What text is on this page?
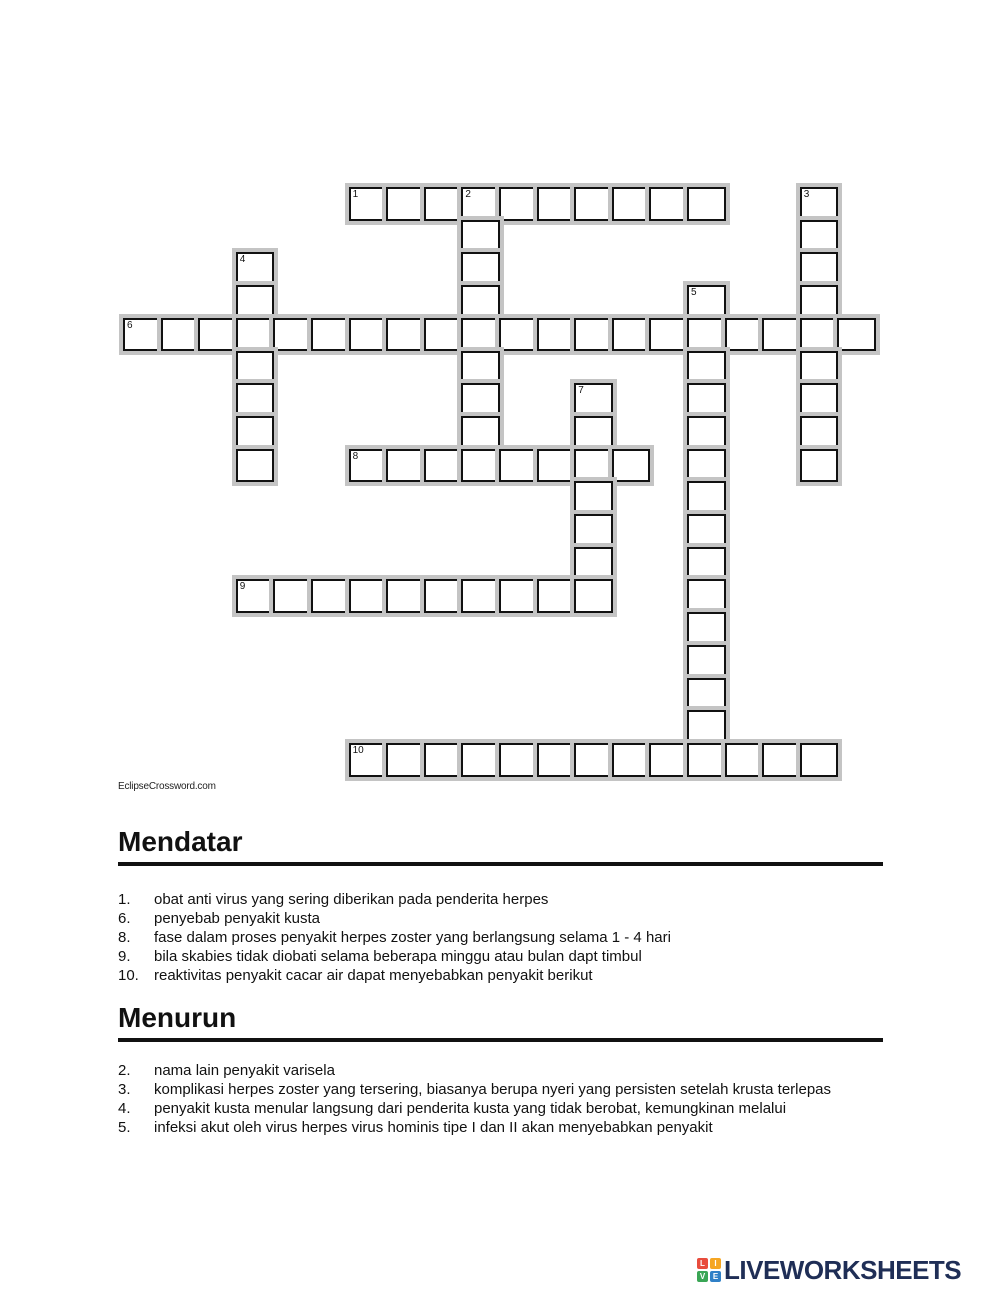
1	2	3
4
5
6
7
8
9
10
EclipseCrossword.com
Mendatar
1.	obat anti virus yang sering diberikan pada penderita herpes
6.	penyebab penyakit kusta
8.	fase dalam proses penyakit herpes zoster yang berlangsung selama 1 - 4 hari
9.	bila skabies tidak diobati selama beberapa minggu atau bulan dapt timbul
10.	reaktivitas penyakit cacar air dapat menyebabkan penyakit berikut
Menurun
2.	nama lain penyakit varisela
3.	komplikasi herpes zoster yang tersering, biasanya berupa nyeri yang persisten setelah krusta terlepas
4.	penyakit kusta menular langsung dari penderita kusta yang tidak berobat, kemungkinan melalui
5.	infeksi akut oleh virus herpes virus hominis tipe I dan II akan menyebabkan penyakit
L	I
V E LIVEWORKSHEETS
